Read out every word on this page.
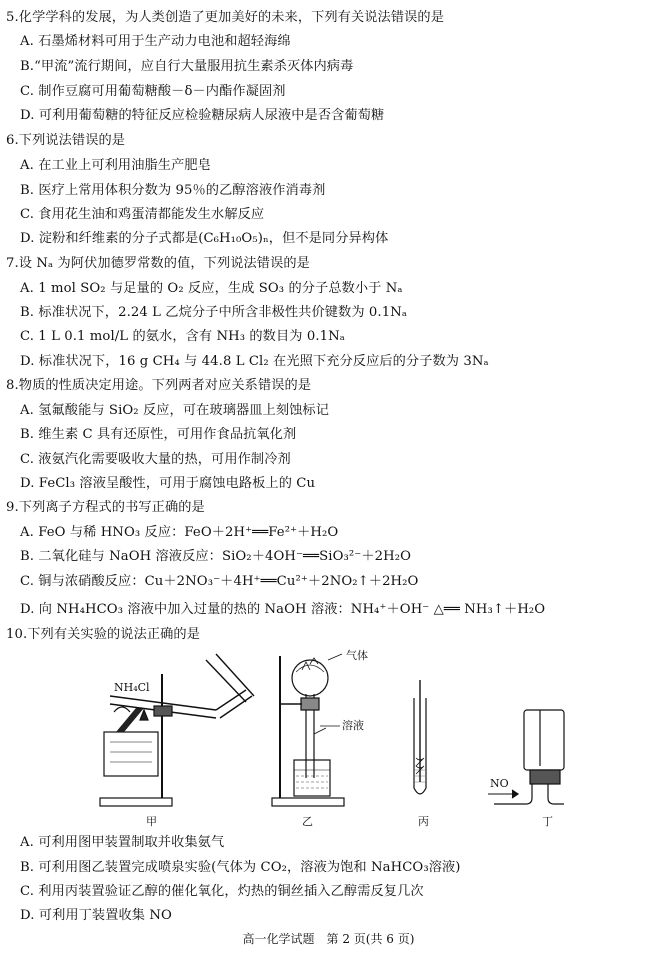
5.化学学科的发展，为人类创造了更加美好的未来，下列有关说法错误的是
A. 石墨烯材料可用于生产动力电池和超轻海绵
B.“甲流”流行期间，应自行大量服用抗生素杀灭体内病毒
C. 制作豆腐可用葡萄糖酸－δ－内酯作凝固剂
D. 可利用葡萄糖的特征反应检验糖尿病人尿液中是否含葡萄糖
6.下列说法错误的是
A. 在工业上可利用油脂生产肥皂
B. 医疗上常用体积分数为 95％的乙醇溶液作消毒剂
C. 食用花生油和鸡蛋清都能发生水解反应
D. 淀粉和纤维素的分子式都是(C₆H₁₀O₅)ₙ，但不是同分异构体
7.设 Nₐ 为阿伏加德罗常数的值，下列说法错误的是
A. 1 mol SO₂ 与足量的 O₂ 反应，生成 SO₃ 的分子总数小于 Nₐ
B. 标准状况下，2.24 L 乙烷分子中所含非极性共价键数为 0.1Nₐ
C. 1 L 0.1 mol/L 的氨水，含有 NH₃ 的数目为 0.1Nₐ
D. 标准状况下，16 g CH₄ 与 44.8 L Cl₂ 在光照下充分反应后的分子数为 3Nₐ
8.物质的性质决定用途。下列两者对应关系错误的是
A. 氢氟酸能与 SiO₂ 反应，可在玻璃器皿上刻蚀标记
B. 维生素 C 具有还原性，可用作食品抗氧化剂
C. 液氨汽化需要吸收大量的热，可用作制冷剂
D. FeCl₃ 溶液呈酸性，可用于腐蚀电路板上的 Cu
9.下列离子方程式的书写正确的是
A. FeO 与稀 HNO₃ 反应：FeO＋2H⁺══Fe²⁺＋H₂O
B. 二氧化硅与 NaOH 溶液反应：SiO₂＋4OH⁻══SiO₃²⁻＋2H₂O
C. 铜与浓硝酸反应：Cu＋2NO₃⁻＋4H⁺══Cu²⁺＋2NO₂↑＋2H₂O
D. 向 NH₄HCO₃ 溶液中加入过量的热的 NaOH 溶液：NH₄⁺＋OH⁻ △══ NH₃↑＋H₂O
10.下列有关实验的说法正确的是
NH₄Cl
甲
气体
溶液
乙	丙
NO
丁
A. 可利用图甲装置制取并收集氨气
B. 可利用图乙装置完成喷泉实验(气体为 CO₂，溶液为饱和 NaHCO₃溶液)
C. 利用丙装置验证乙醇的催化氧化，灼热的铜丝插入乙醇需反复几次
D. 可利用丁装置收集 NO
高一化学试题　第 2 页(共 6 页)
